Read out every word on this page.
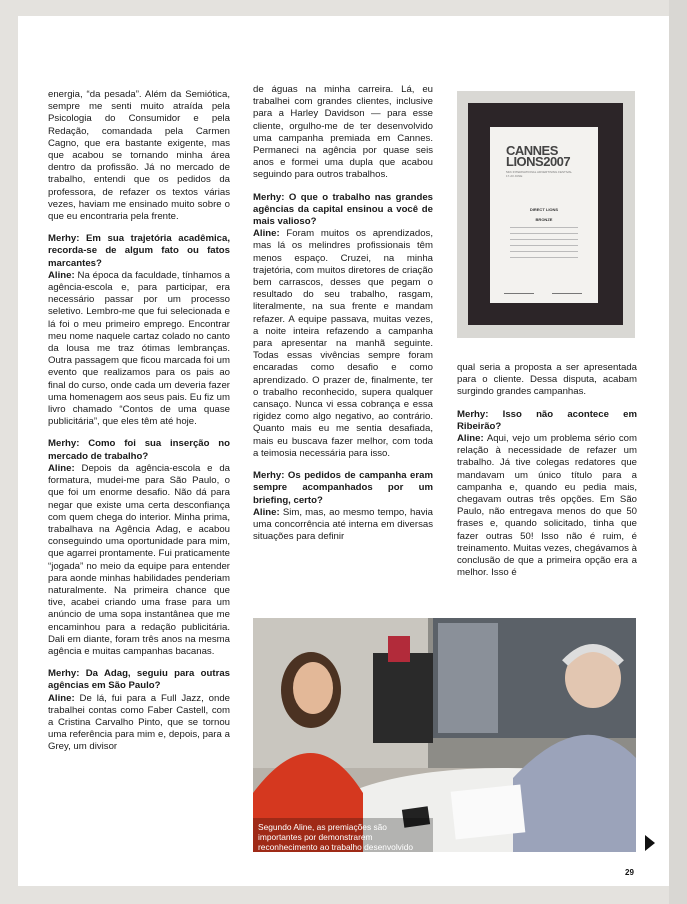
energia, “da pesada”. Além da Semiótica, sempre me senti muito atraída pela Psicologia do Consumidor e pela Redação, comandada pela Carmen Cagno, que era bastante exigente, mas que acabou se tornando minha área dentro da profissão. Já no mercado de trabalho, entendi que os pedidos da professora, de refazer os textos várias vezes, haviam me ensinado muito sobre o que eu encontraria pela frente.

Merhy: Em sua trajetória acadêmica, recorda-se de algum fato ou fatos marcantes?
Aline: Na época da faculdade, tínhamos a agência-escola e, para participar, era necessário passar por um processo seletivo. Lembro-me que fui selecionada e lá foi o meu primeiro emprego. Encontrar meu nome naquele cartaz colado no canto da lousa me traz ótimas lembranças. Outra passagem que ficou marcada foi um evento que realizamos para os pais ao final do curso, onde cada um deveria fazer uma homenagem aos seus pais. Eu fiz um livro chamado “Contos de uma quase publicitária”, que eles têm até hoje.

Merhy: Como foi sua inserção no mercado de trabalho?
Aline: Depois da agência-escola e da formatura, mudei-me para São Paulo, o que foi um enorme desafio. Não dá para negar que existe uma certa desconfiança com quem chega do interior. Minha prima, trabalhava na Agência Adag, e acabou conseguindo uma oportunidade para mim, que agarrei prontamente. Fui praticamente “jogada” no meio da equipe para entender para aonde minhas habilidades penderiam naturalmente. Na primeira chance que tive, acabei criando uma frase para um anúncio de uma sopa instantânea que me encaminhou para a redação publicitária. Dali em diante, foram três anos na mesma agência e muitas campanhas bacanas.

Merhy: Da Adag, seguiu para outras agências em São Paulo?
Aline: De lá, fui para a Full Jazz, onde trabalhei contas como Faber Castell, com a Cristina Carvalho Pinto, que se tornou uma referência para mim e, depois, para a Grey, um divisor

de águas na minha carreira. Lá, eu trabalhei com grandes clientes, inclusive para a Harley Davidson — para esse cliente, orgulho-me de ter desenvolvido uma campanha premiada em Cannes. Permaneci na agência por quase seis anos e formei uma dupla que acabou seguindo para outros trabalhos.

Merhy: O que o trabalho nas grandes agências da capital ensinou a você de mais valioso?
Aline: Foram muitos os aprendizados, mas lá os melindres profissionais têm menos espaço. Cruzei, na minha trajetória, com muitos diretores de criação bem carrascos, desses que pegam o resultado do seu trabalho, rasgam, literalmente, na sua frente e mandam refazer. A equipe passava, muitas vezes, a noite inteira refazendo a campanha para apresentar na manhã seguinte. Todas essas vivências sempre foram encaradas como desafio e como aprendizado. O prazer de, finalmente, ter o trabalho reconhecido, supera qualquer cansaço. Nunca vi essa cobrança e essa rigidez como algo negativo, ao contrário. Quanto mais eu me sentia desafiada, mais eu buscava fazer melhor, com toda a teimosia necessária para isso.

Merhy: Os pedidos de campanha eram sempre acompanhados por um briefing, certo?
Aline: Sim, mas, ao mesmo tempo, havia uma concorrência até interna em diversas situações para definir

CANNES
LIONS2007
54th INTERNATIONAL ADVERTISING FESTIVAL
17-23 JUNE
DIRECT LIONS
BRONZE

qual seria a proposta a ser apresentada para o cliente. Dessa disputa, acabam surgindo grandes campanhas.

Merhy: Isso não acontece em Ribeirão?
Aline: Aqui, vejo um problema sério com relação à necessidade de refazer um trabalho. Já tive colegas redatores que mandavam um único título para a campanha e, quando eu pedia mais, chegavam outras três opções. Em São Paulo, não entregava menos do que 50 frases e, quando solicitado, tinha que fazer outras 50! Isso não é ruim, é treinamento. Muitas vezes, chegávamos à conclusão de que a primeira opção era a melhor. Isso é

Segundo Aline, as premiações são importantes por demonstrarem reconhecimento ao trabalho desenvolvido
29
